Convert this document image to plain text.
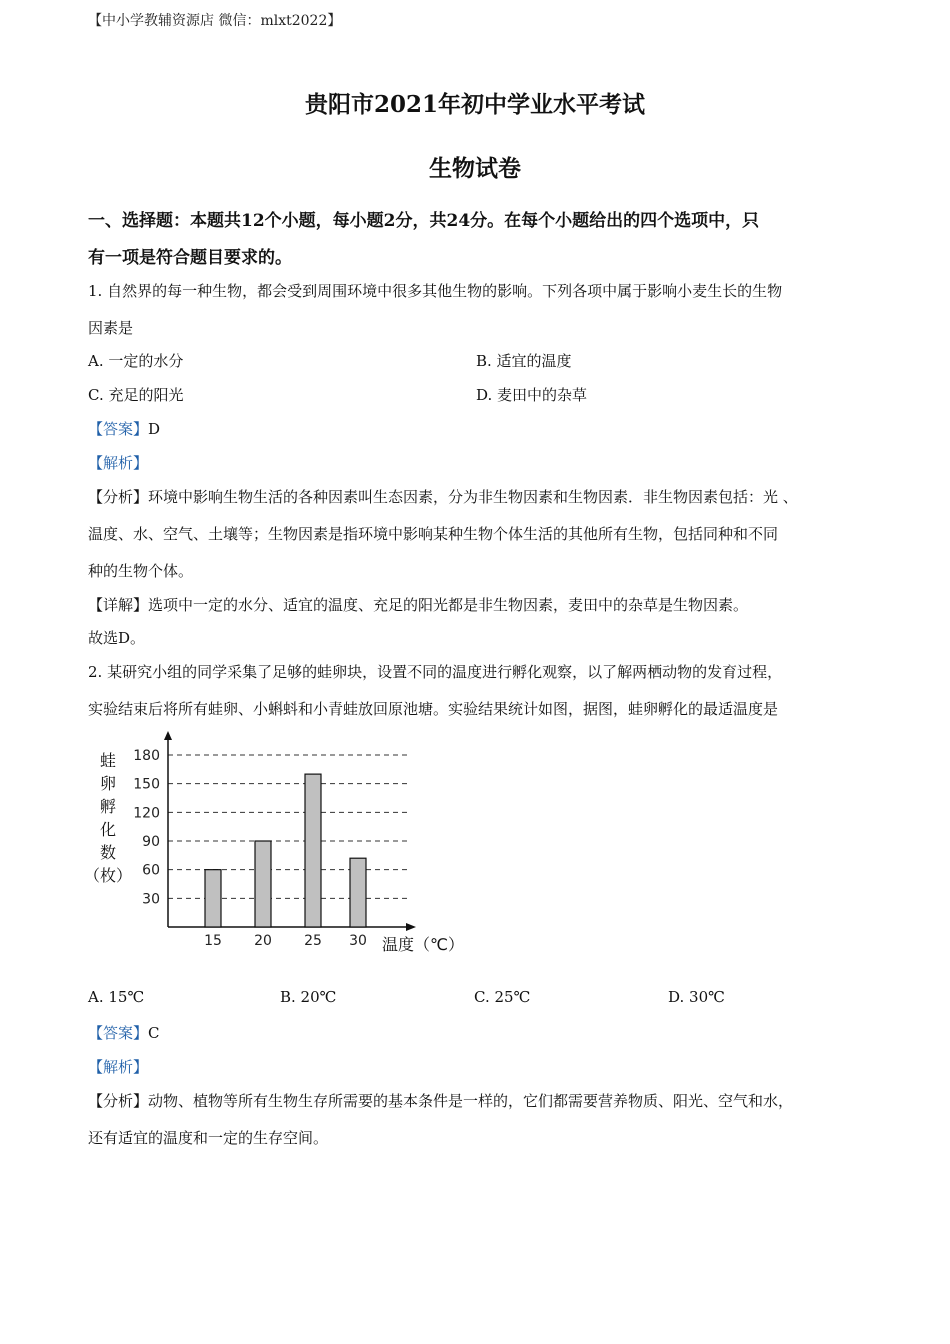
【中小学教辅资源店 微信：mlxt2022】
贵阳市2021年初中学业水平考试
生物试卷
一、选择题：本题共12个小题，每小题2分，共24分。在每个小题给出的四个选项中，只
有一项是符合题目要求的。
1. 自然界的每一种生物，都会受到周围环境中很多其他生物的影响。下列各项中属于影响小麦生长的生物
因素是
A. 一定的水分	B. 适宜的温度
C. 充足的阳光	D. 麦田中的杂草
【答案】D
【解析】
【分析】环境中影响生物生活的各种因素叫生态因素，分为非生物因素和生物因素．非生物因素包括：光 、
温度、水、空气、土壤等；生物因素是指环境中影响某种生物个体生活的其他所有生物，包括同种和不同
种的生物个体。
【详解】选项中一定的水分、适宜的温度、充足的阳光都是非生物因素，麦田中的杂草是生物因素。
故选D。
2. 某研究小组的同学采集了足够的蛙卵块，设置不同的温度进行孵化观察，以了解两栖动物的发育过程，
实验结束后将所有蛙卵、小蝌蚪和小青蛙放回原池塘。实验结果统计如图，据图，蛙卵孵化的最适温度是
30
60
90
120
150
180
15 20 25 30
蛙
卵
孵
化
数
（枚）
温度（℃）
A. 15℃	B. 20℃	C. 25℃	D. 30℃
【答案】C
【解析】
【分析】动物、植物等所有生物生存所需要的基本条件是一样的，它们都需要营养物质、阳光、空气和水，
还有适宜的温度和一定的生存空间。
